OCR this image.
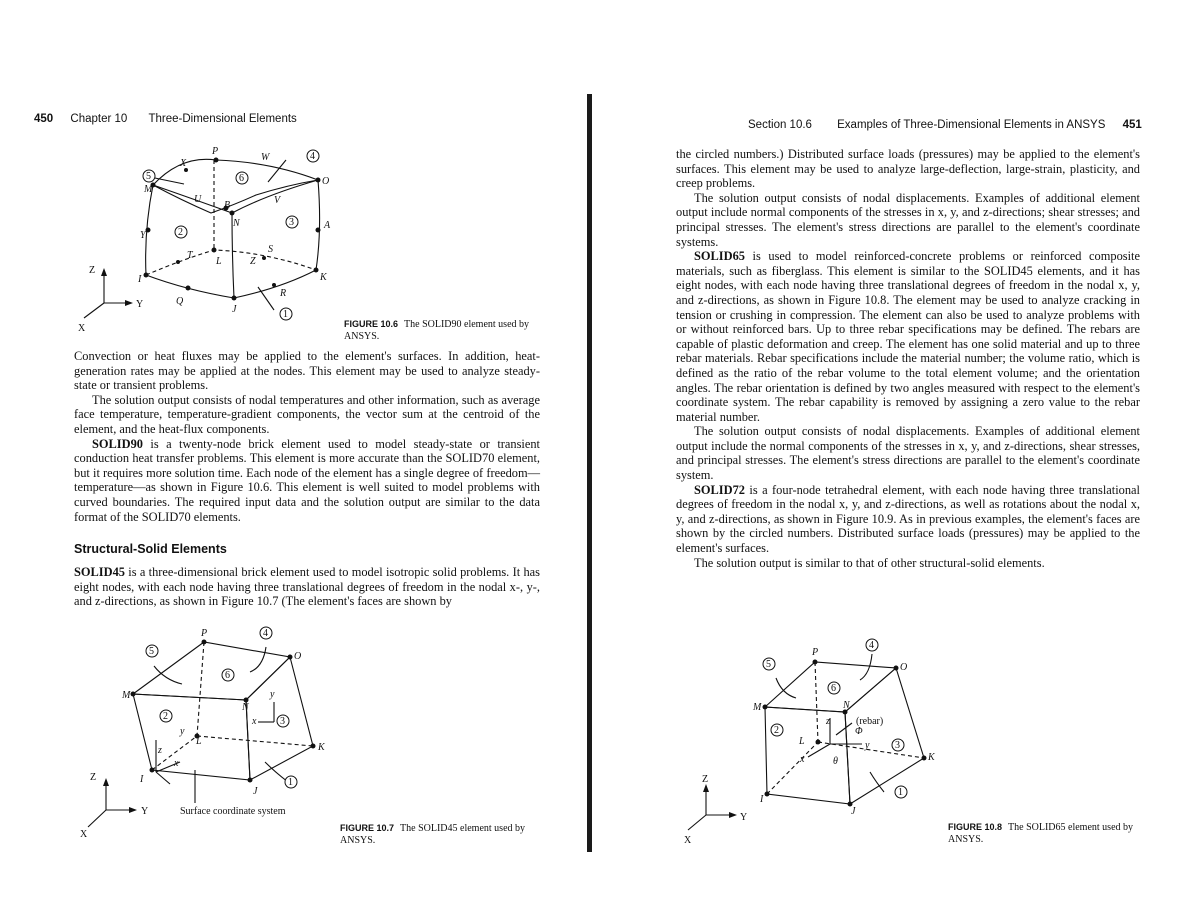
450 Chapter 10 Three-Dimensional Elements
5
4
6
2
3
1
P
W
X
O
M
U
B
N
V
Y
A
T
L
S
Z
K
I
Q
J
R
Z
Y
X	FIGURE 10.6 The SOLID90 element used by ANSYS.

Convection or heat fluxes may be applied to the element's surfaces. In addition, heat-generation rates may be applied at the nodes. This element may be used to analyze steady-state or transient problems.

The solution output consists of nodal temperatures and other information, such as average face temperature, temperature-gradient components, the vector sum at the centroid of the element, and the heat-flux components.

SOLID90 is a twenty-node brick element used to model steady-state or transient conduction heat transfer problems. This element is more accurate than the SOLID70 element, but it requires more solution time. Each node of the element has a single degree of freedom—temperature—as shown in Figure 10.6. This element is well suited to model problems with curved boundaries. The required input data and the solution output are similar to the data format of the SOLID70 elements.

Structural-Solid Elements

SOLID45 is a three-dimensional brick element used to model isotropic solid problems. It has eight nodes, with each node having three translational degrees of freedom in the nodal x-, y-, and z-directions, as shown in Figure 10.7 (The element's faces are shown by

5
4
6
2	3
1
P
O
M
N
L
K
I
J
x
y
z
y
x
Surface coordinate system
Z
Y
X
FIGURE 10.7 The SOLID45 element used by ANSYS.
Section 10.6 Examples of Three-Dimensional Elements in ANSYS 451

the circled numbers.) Distributed surface loads (pressures) may be applied to the element's surfaces. This element may be used to analyze large-deflection, large-strain, plasticity, and creep problems.

The solution output consists of nodal displacements. Examples of additional element output include normal components of the stresses in x, y, and z-directions; shear stresses; and principal stresses. The element's stress directions are parallel to the element's coordinate systems.

SOLID65 is used to model reinforced-concrete problems or reinforced composite materials, such as fiberglass. This element is similar to the SOLID45 elements, and it has eight nodes, with each node having three translational degrees of freedom in the nodal x, y, and z-directions, as shown in Figure 10.8. The element may be used to analyze cracking in tension or crushing in compression. The element can also be used to analyze problems with or without reinforced bars. Up to three rebar specifications may be defined. The rebars are capable of plastic deformation and creep. The element has one solid material and up to three rebar materials. Rebar specifications include the material number; the volume ratio, which is defined as the ratio of the rebar volume to the total element volume; and the orientation angles. The rebar orientation is defined by two angles measured with respect to the element's coordinate system. The rebar capability is removed by assigning a zero value to the rebar material number.

The solution output consists of nodal displacements. Examples of additional element output include the normal components of the stresses in x, y, and z-directions, shear stresses, and principal stresses. The element's stress directions are parallel to the element's coordinate system.

SOLID72 is a four-node tetrahedral element, with each node having three translational degrees of freedom in the nodal x, y, and z-directions, as well as rotations about the nodal x, y, and z-directions, as shown in Figure 10.9. As in previous examples, the element's faces are shown by the circled numbers. Distributed surface loads (pressures) may be applied to the element's surfaces.

The solution output is similar to that of other structural-solid elements.

5
4
6
2
3
1
P
O
M	N
L
K
I
J
(rebar)
z
y
x	θ
Φ
Z
Y
X
FIGURE 10.8 The SOLID65 element used by ANSYS.
